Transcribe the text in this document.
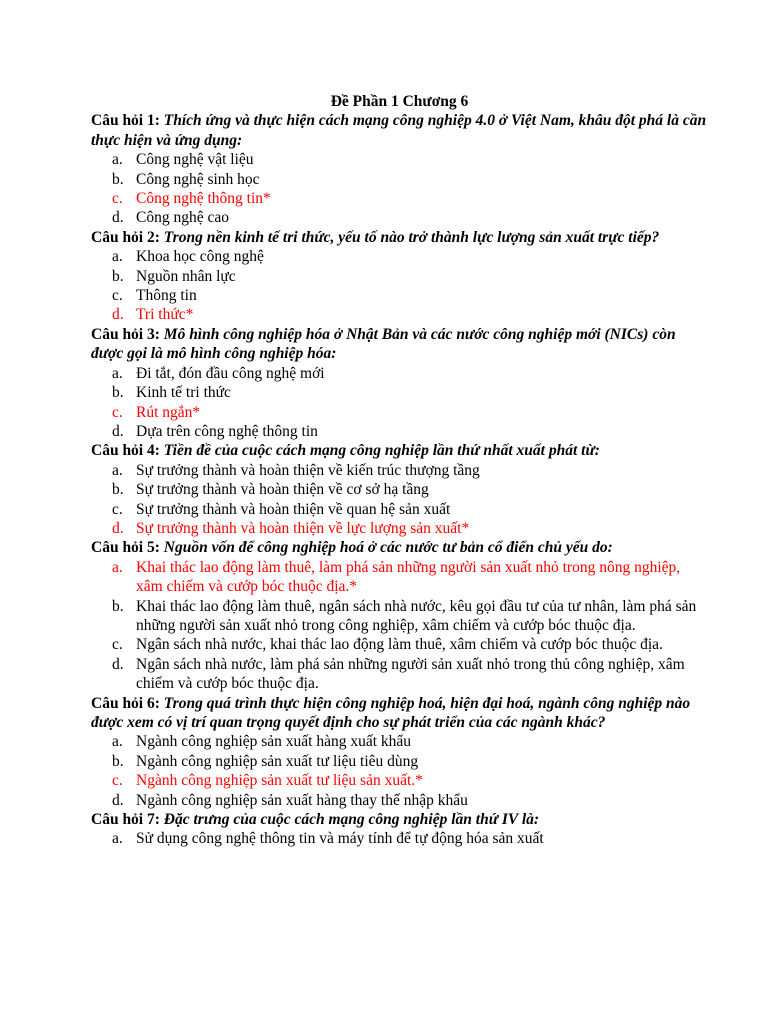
Đề Phần 1 Chương 6

Câu hỏi 1: Thích ứng và thực hiện cách mạng công nghiệp 4.0 ở Việt Nam, khâu đột phá là cần thực hiện và ứng dụng:

a. Công nghệ vật liệu
b. Công nghệ sinh học
c. Công nghệ thông tin*
d. Công nghệ cao

Câu hỏi 2: Trong nền kinh tế tri thức, yếu tố nào trở thành lực lượng sản xuất trực tiếp?

a. Khoa học công nghệ
b. Nguồn nhân lực
c. Thông tin
d. Tri thức*

Câu hỏi 3: Mô hình công nghiệp hóa ở Nhật Bản và các nước công nghiệp mới (NICs) còn được gọi là mô hình công nghiệp hóa:

a. Đi tắt, đón đầu công nghệ mới
b. Kinh tế tri thức
c. Rút ngắn*
d. Dựa trên công nghệ thông tin

Câu hỏi 4: Tiền đề của cuộc cách mạng công nghiệp lần thứ nhất xuất phát từ:

a. Sự trưởng thành và hoàn thiện về kiến trúc thượng tầng
b. Sự trưởng thành và hoàn thiện về cơ sở hạ tầng
c. Sự trưởng thành và hoàn thiện về quan hệ sản xuất
d. Sự trưởng thành và hoàn thiện về lực lượng sản xuất*

Câu hỏi 5: Nguồn vốn để công nghiệp hoá ở các nước tư bản cổ điển chủ yếu do:

a. Khai thác lao động làm thuê, làm phá sản những người sản xuất nhỏ trong nông nghiệp, xâm chiếm và cướp bóc thuộc địa.*
b. Khai thác lao động làm thuê, ngân sách nhà nước, kêu gọi đầu tư của tư nhân, làm phá sản những người sản xuất nhỏ trong công nghiệp, xâm chiếm và cướp bóc thuộc địa.
c. Ngân sách nhà nước, khai thác lao động làm thuê, xâm chiếm và cướp bóc thuộc địa.
d. Ngân sách nhà nước, làm phá sản những người sản xuất nhỏ trong thủ công nghiệp, xâm chiếm và cướp bóc thuộc địa.

Câu hỏi 6: Trong quá trình thực hiện công nghiệp hoá, hiện đại hoá, ngành công nghiệp nào được xem có vị trí quan trọng quyết định cho sự phát triển của các ngành khác?

a. Ngành công nghiệp sản xuất hàng xuất khẩu
b. Ngành công nghiệp sản xuất tư liệu tiêu dùng
c. Ngành công nghiệp sản xuất tư liệu sản xuất.*
d. Ngành công nghiệp sản xuất hàng thay thế nhập khẩu

Câu hỏi 7: Đặc trưng của cuộc cách mạng công nghiệp lần thứ IV là:

a. Sử dụng công nghệ thông tin và máy tính để tự động hóa sản xuất
